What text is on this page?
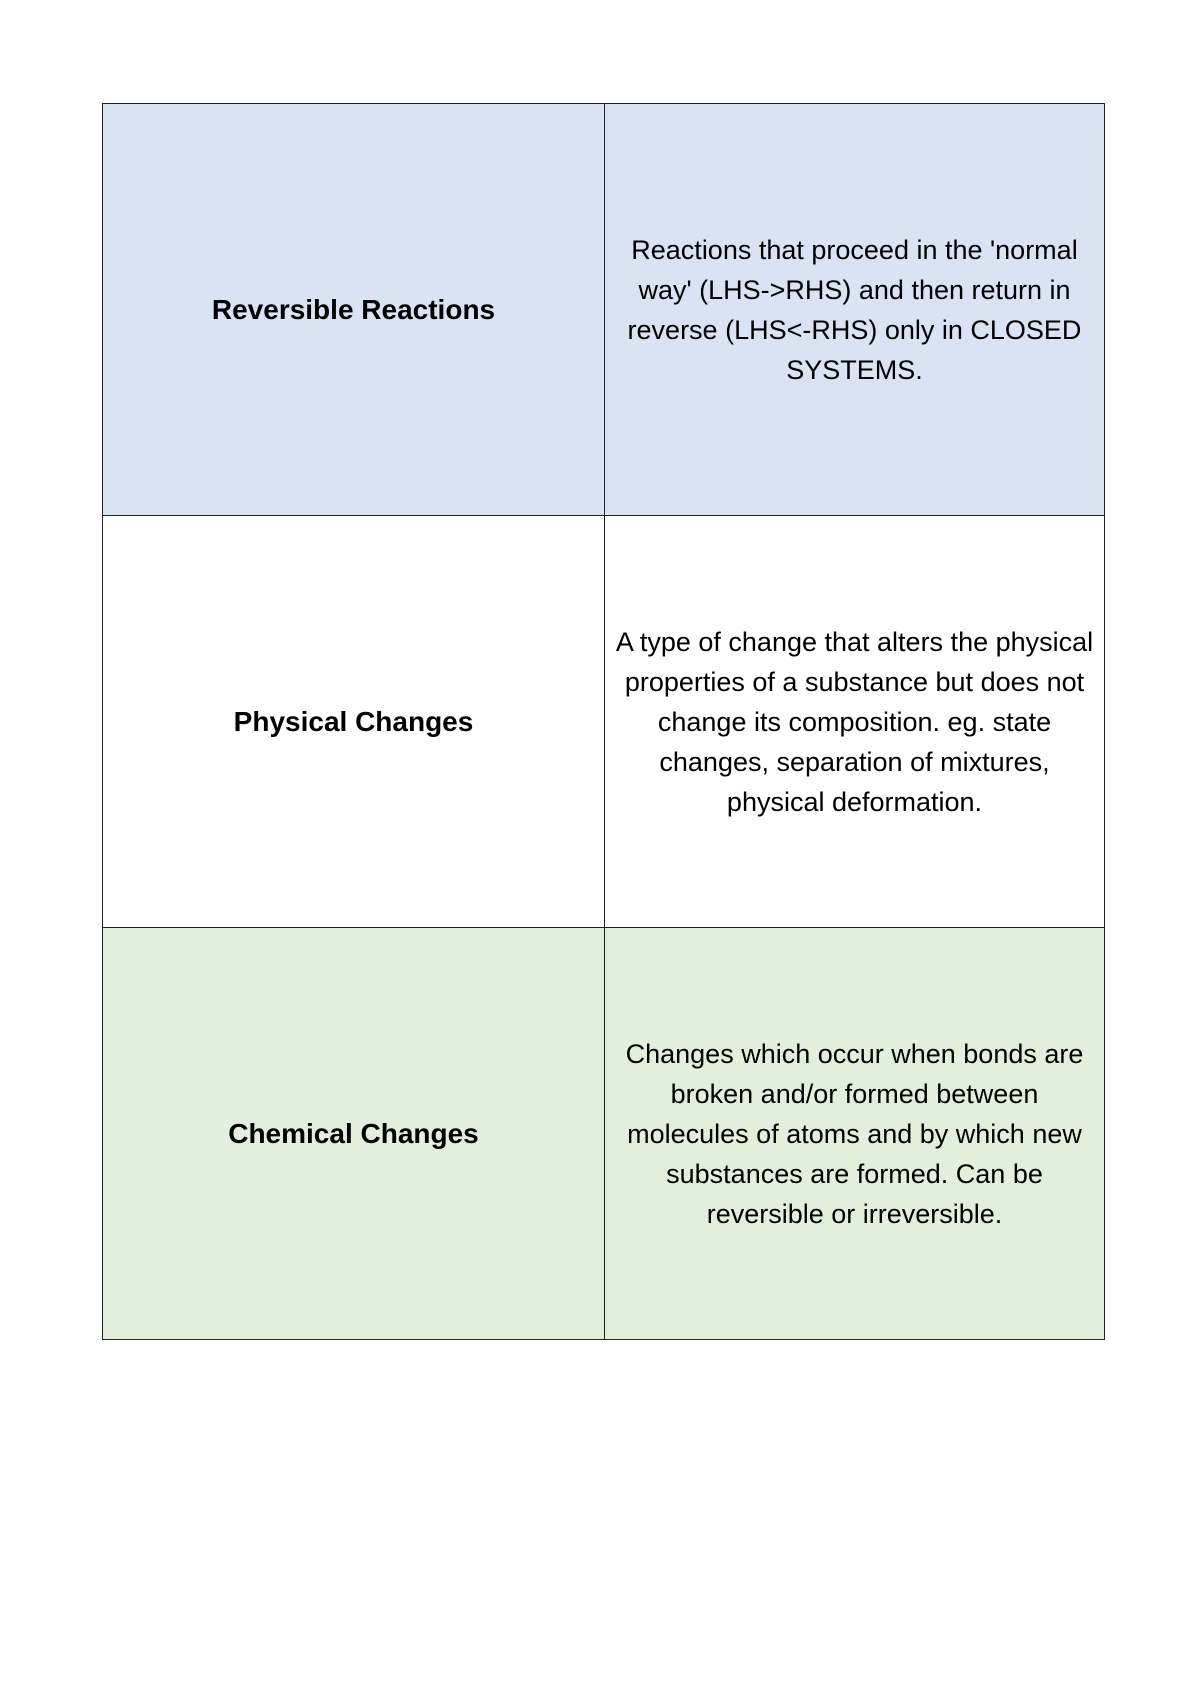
Reversible Reactions	Reactions that proceed in the 'normal way' (LHS->RHS) and then return in reverse (LHS<-RHS) only in CLOSED SYSTEMS.

Physical Changes	A type of change that alters the physical properties of a substance but does not change its composition. eg. state changes, separation of mixtures, physical deformation.

Chemical Changes	Changes which occur when bonds are broken and/or formed between molecules of atoms and by which new substances are formed. Can be reversible or irreversible.
